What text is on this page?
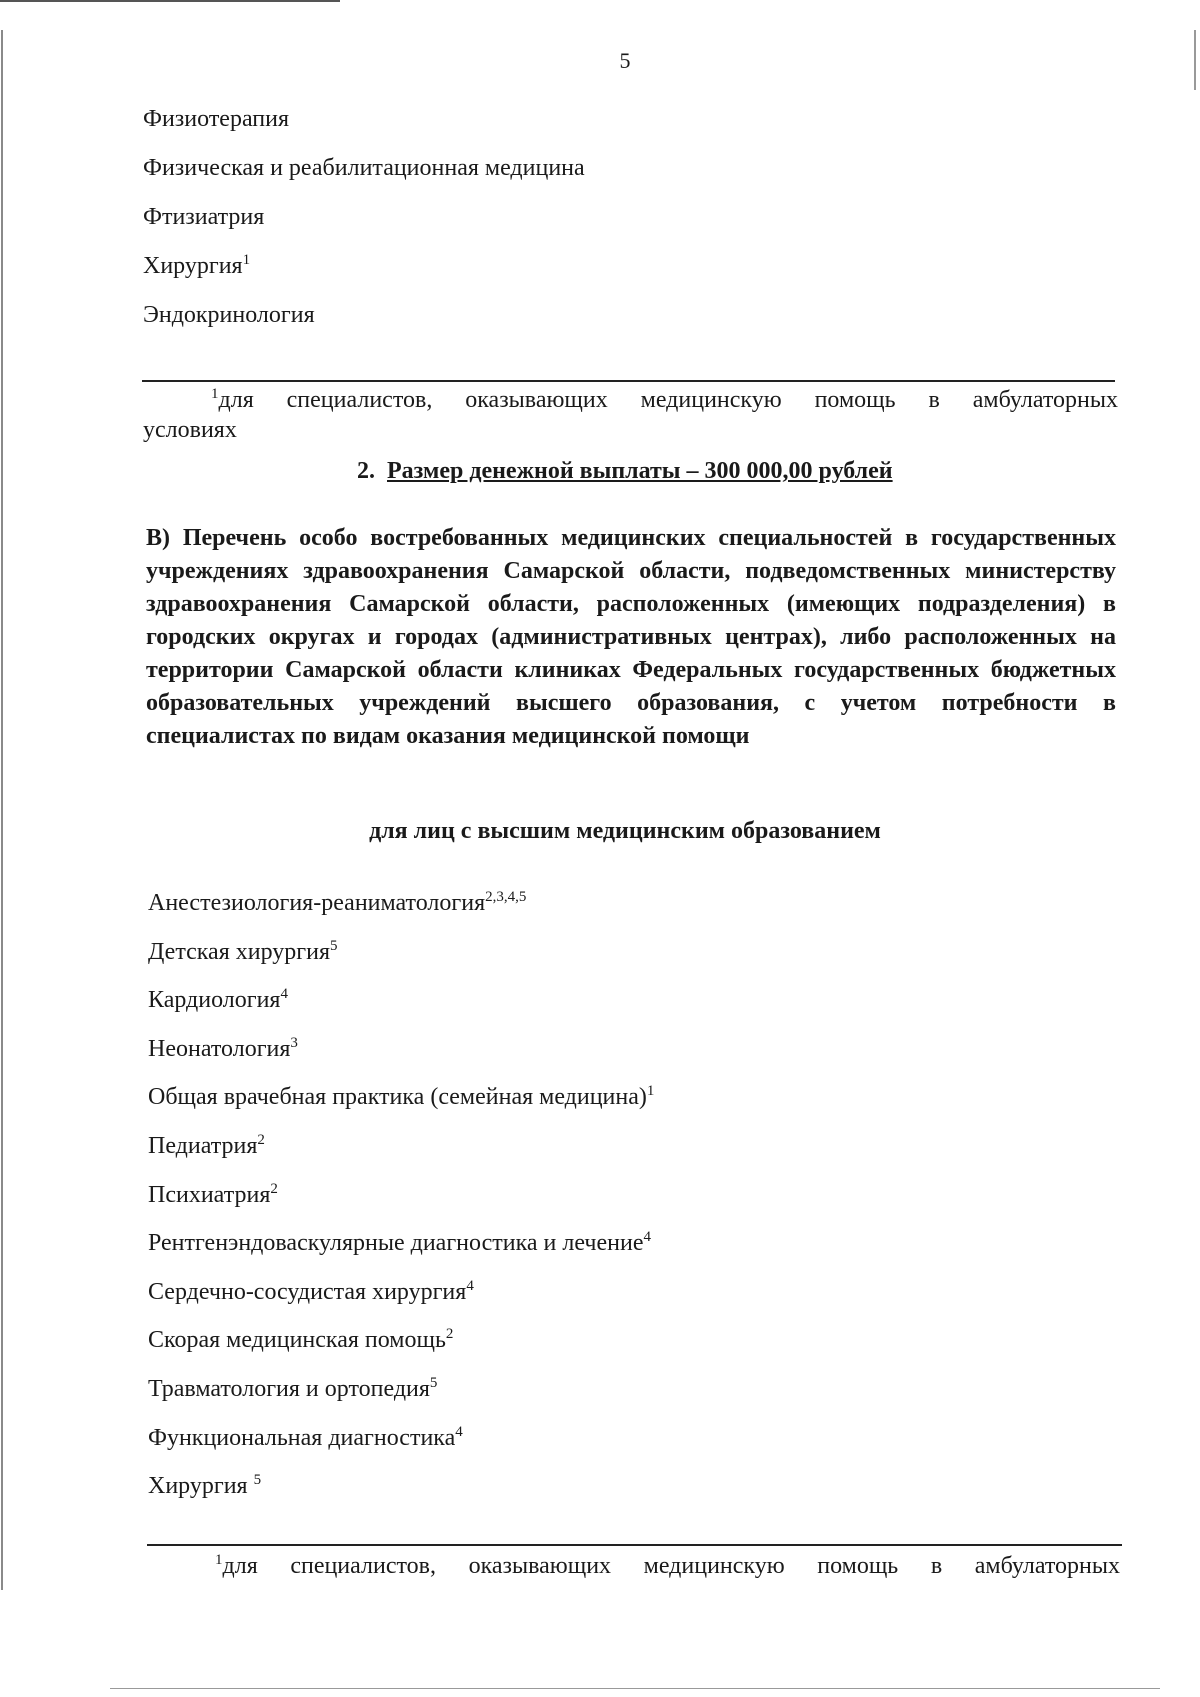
5
Физиотерапия
Физическая и реабилитационная медицина
Фтизиатрия
Хирургия$^1$
Эндокринология
$^1$для специалистов, оказывающих медицинскую помощь в амбулаторных
условиях
2. Размер денежной выплаты – 300 000,00 рублей

В) Перечень особо востребованных медицинских специальностей в государственных учреждениях здравоохранения Самарской области, подведомственных министерству здравоохранения Самарской области, расположенных (имеющих подразделения) в городских округах и городах (административных центрах), либо расположенных на территории Самарской области клиниках Федеральных государственных бюджетных образовательных учреждений высшего образования, с учетом потребности в специалистах по видам оказания медицинской помощи

для лиц с высшим медицинским образованием
Анестезиология-реаниматология$^{2,3,4,5}$
Детская хирургия$^5$
Кардиология$^4$
Неонатология$^3$
Общая врачебная практика (семейная медицина)$^1$
Педиатрия$^2$
Психиатрия$^2$
Рентгенэндоваскулярные диагностика и лечение$^4$
Сердечно-сосудистая хирургия$^4$
Скорая медицинская помощь$^2$
Травматология и ортопедия$^5$
Функциональная диагностика$^4$
Хирургия $^5$
$^1$для специалистов, оказывающих медицинскую помощь в амбулаторных
